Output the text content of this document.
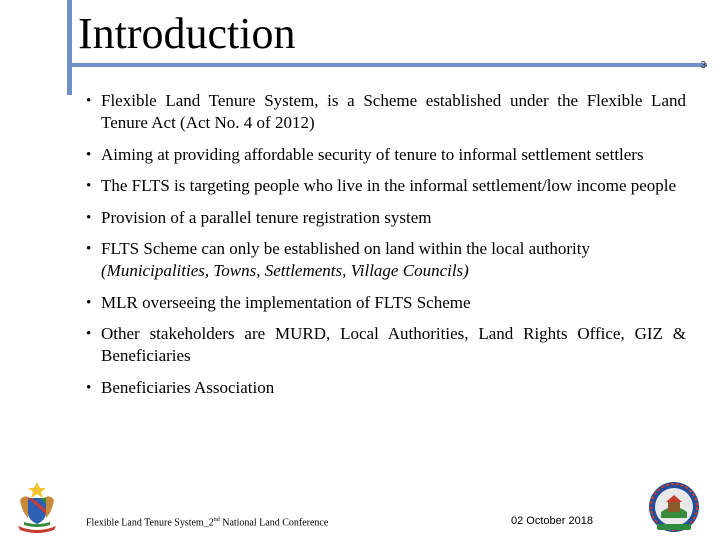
Introduction
3
• Flexible Land Tenure System, is a Scheme established under the Flexible Land Tenure Act (Act No. 4 of 2012)
• Aiming at providing affordable security of tenure to informal settlement settlers
• The FLTS is targeting people who live in the informal settlement/low income people
• Provision of a parallel tenure registration system
• FLTS Scheme can only be established on land within the local authority
(Municipalities, Towns, Settlements, Village Councils)
• MLR overseeing the implementation of FLTS Scheme
• Other stakeholders are MURD, Local Authorities, Land Rights Office, GIZ & Beneficiaries
• Beneficiaries Association
Flexible Land Tenure System_2nd National Land Conference	02 October 2018
